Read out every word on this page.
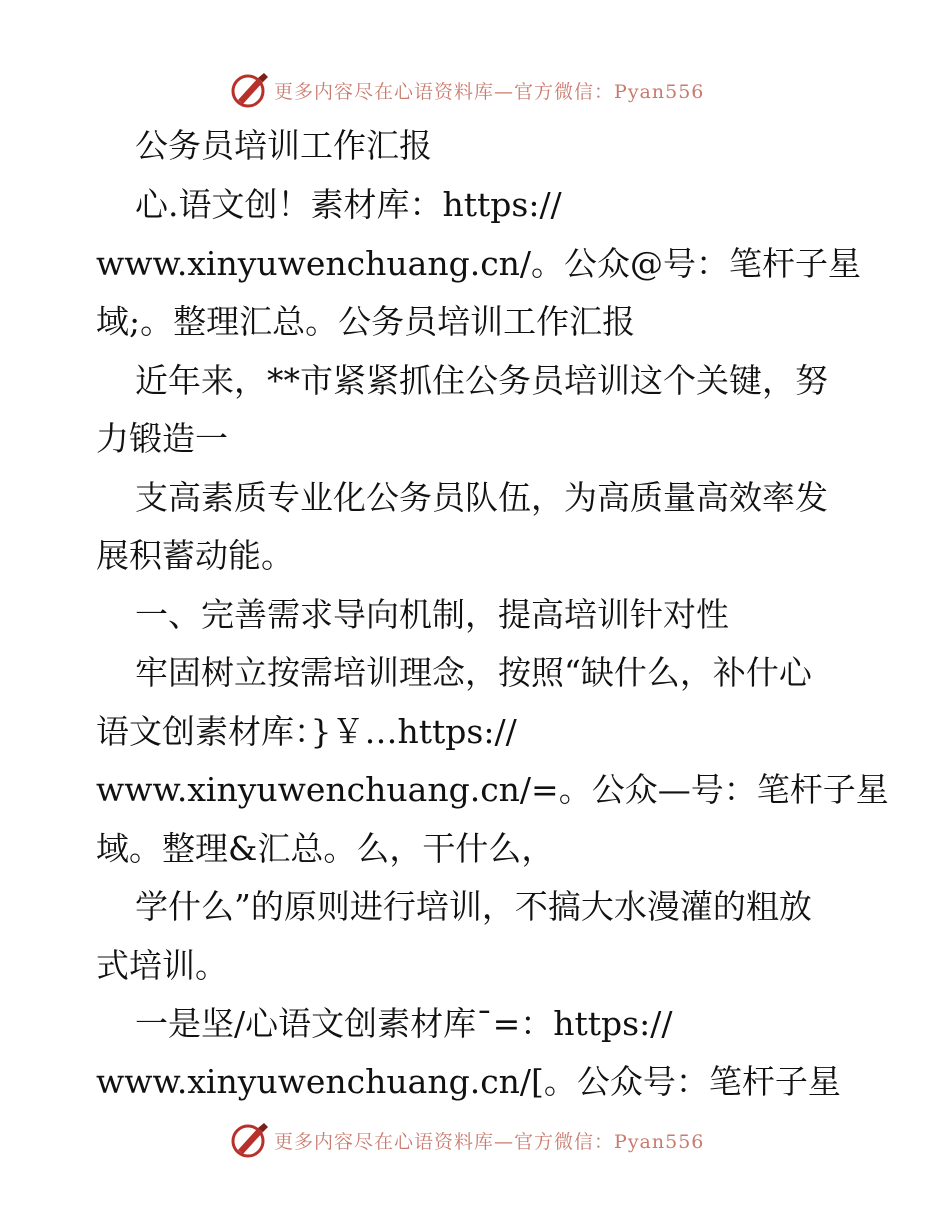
更多内容尽在心语资料库—官方微信：Pyan556
公务员培训工作汇报
心.语文创！素材库：https://
www.xinyuwenchuang.cn/。公众@号：笔杆子星
域;。整理汇总。公务员培训工作汇报
近年来，**市紧紧抓住公务员培训这个关键，努
力锻造一
支高素质专业化公务员队伍，为高质量高效率发
展积蓄动能。
一、完善需求导向机制，提高培训针对性
牢固树立按需培训理念，按照“缺什么，补什心
语文创素材库：}￥…https://
www.xinyuwenchuang.cn/=。公众—号：笔杆子星
域。整理&汇总。么，干什么，
学什么”的原则进行培训，不搞大水漫灌的粗放
式培训。
一是坚/心语文创素材库¯=：https://
www.xinyuwenchuang.cn/[。公众号：笔杆子星
更多内容尽在心语资料库—官方微信：Pyan556
